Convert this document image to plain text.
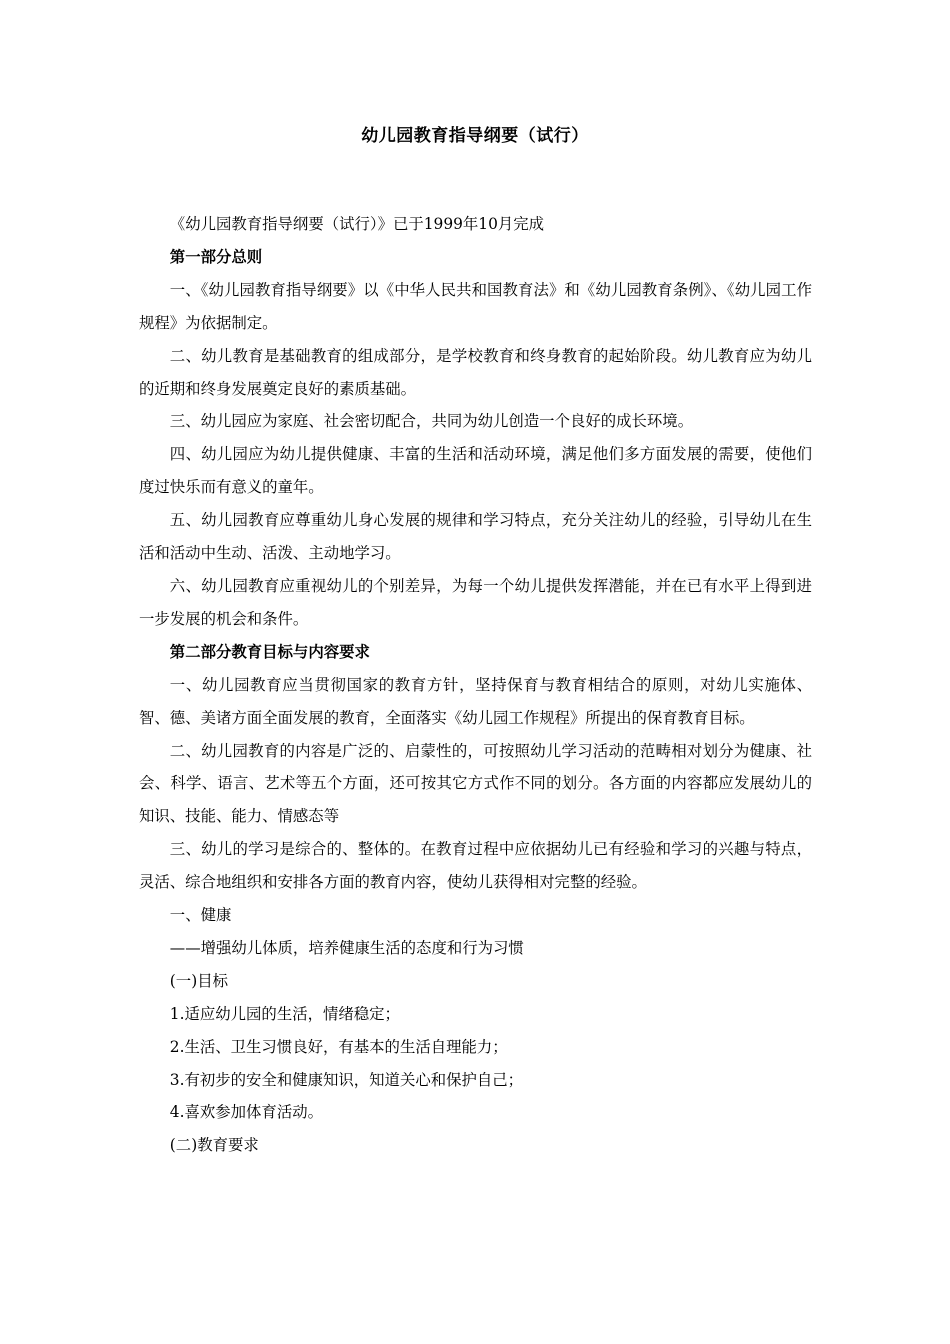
幼儿园教育指导纲要（试行）

《幼儿园教育指导纲要（试行）》已于1999年10月完成

第一部分总则

一、《幼儿园教育指导纲要》以《中华人民共和国教育法》和《幼儿园教育条例》、《幼儿园工作规程》为依据制定。

二、幼儿教育是基础教育的组成部分，是学校教育和终身教育的起始阶段。幼儿教育应为幼儿的近期和终身发展奠定良好的素质基础。

三、幼儿园应为家庭、社会密切配合，共同为幼儿创造一个良好的成长环境。

四、幼儿园应为幼儿提供健康、丰富的生活和活动环境，满足他们多方面发展的需要，使他们度过快乐而有意义的童年。

五、幼儿园教育应尊重幼儿身心发展的规律和学习特点，充分关注幼儿的经验，引导幼儿在生活和活动中生动、活泼、主动地学习。

六、幼儿园教育应重视幼儿的个别差异，为每一个幼儿提供发挥潜能，并在已有水平上得到进一步发展的机会和条件。

第二部分教育目标与内容要求

一、幼儿园教育应当贯彻国家的教育方针，坚持保育与教育相结合的原则，对幼儿实施体、智、德、美诸方面全面发展的教育，全面落实《幼儿园工作规程》所提出的保育教育目标。

二、幼儿园教育的内容是广泛的、启蒙性的，可按照幼儿学习活动的范畴相对划分为健康、社会、科学、语言、艺术等五个方面，还可按其它方式作不同的划分。各方面的内容都应发展幼儿的知识、技能、能力、情感态等

三、幼儿的学习是综合的、整体的。在教育过程中应依据幼儿已有经验和学习的兴趣与特点，灵活、综合地组织和安排各方面的教育内容，使幼儿获得相对完整的经验。

一、健康

——增强幼儿体质，培养健康生活的态度和行为习惯

(一)目标

1.适应幼儿园的生活，情绪稳定；

2.生活、卫生习惯良好，有基本的生活自理能力；

3.有初步的安全和健康知识，知道关心和保护自己；

4.喜欢参加体育活动。

(二)教育要求
